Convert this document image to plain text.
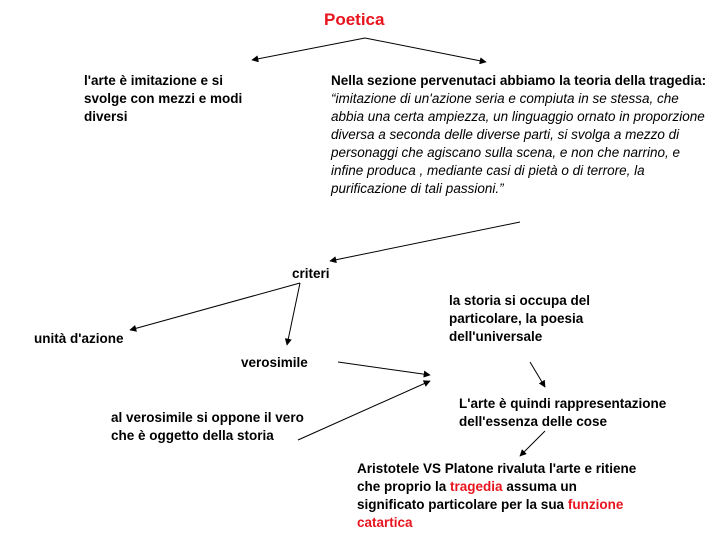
Poetica
l'arte è imitazione e si svolge con mezzi e modi diversi
Nella sezione pervenutaci abbiamo la teoria della tragedia: “imitazione di un'azione seria e compiuta in se stessa, che abbia una certa ampiezza, un linguaggio ornato in proporzione diversa a seconda delle diverse parti, si svolga a mezzo di personaggi che agiscano sulla scena, e non che narrino, e infine produca , mediante casi di pietà o di terrore, la purificazione di tali passioni.”
criteri
la storia si occupa del particolare, la poesia dell'universale
unità d'azione
verosimile
L'arte è quindi rappresentazione dell'essenza delle cose
al verosimile si oppone il vero che è oggetto della storia
Aristotele VS Platone rivaluta l'arte e ritiene che proprio la tragedia assuma un significato particolare per la sua funzione catartica
